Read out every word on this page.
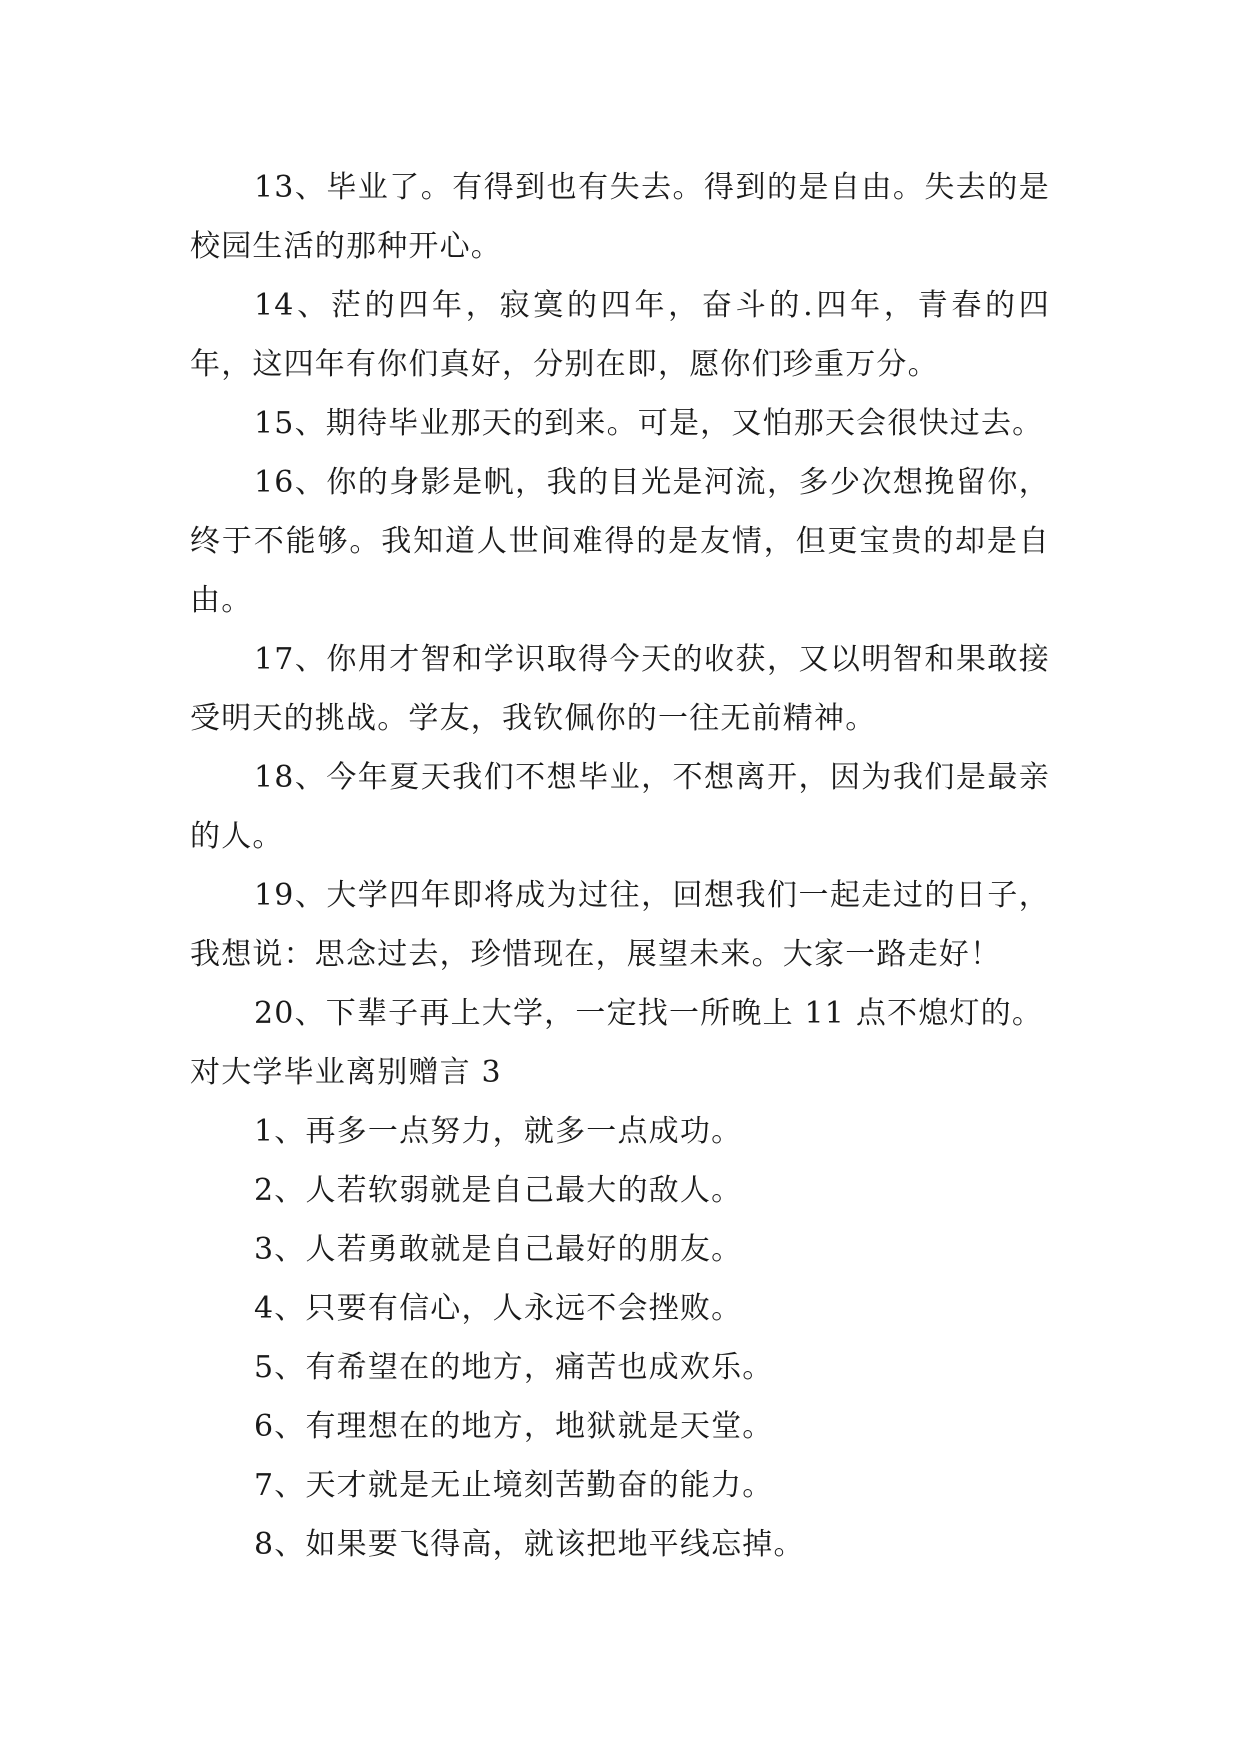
13、毕业了。有得到也有失去。得到的是自由。失去的是校园生活的那种开心。

14、茫的四年，寂寞的四年，奋斗的.四年，青春的四年，这四年有你们真好，分别在即，愿你们珍重万分。

15、期待毕业那天的到来。可是，又怕那天会很快过去。

16、你的身影是帆，我的目光是河流，多少次想挽留你，终于不能够。我知道人世间难得的是友情，但更宝贵的却是自由。

17、你用才智和学识取得今天的收获，又以明智和果敢接受明天的挑战。学友，我钦佩你的一往无前精神。

18、今年夏天我们不想毕业，不想离开，因为我们是最亲的人。

19、大学四年即将成为过往，回想我们一起走过的日子，我想说：思念过去，珍惜现在，展望未来。大家一路走好！

20、下辈子再上大学，一定找一所晚上 11 点不熄灯的。

对大学毕业离别赠言 3

1、再多一点努力，就多一点成功。

2、人若软弱就是自己最大的敌人。

3、人若勇敢就是自己最好的朋友。

4、只要有信心，人永远不会挫败。

5、有希望在的地方，痛苦也成欢乐。

6、有理想在的地方，地狱就是天堂。

7、天才就是无止境刻苦勤奋的能力。

8、如果要飞得高，就该把地平线忘掉。
